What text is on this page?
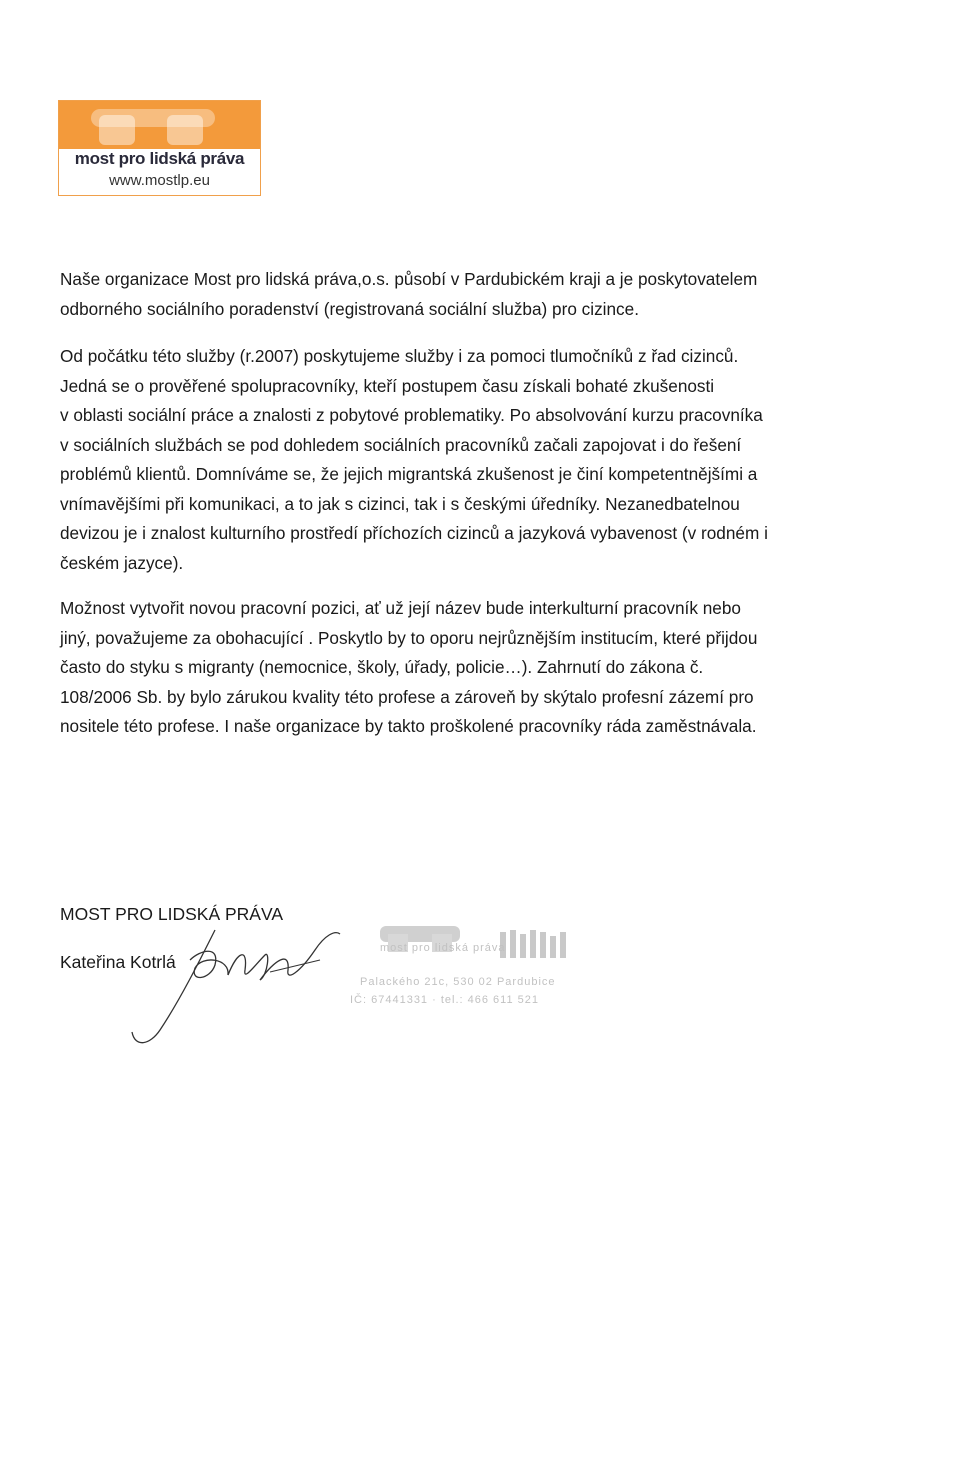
most pro lidská práva
www.mostlp.eu

Naše organizace Most pro lidská práva,o.s. působí v Pardubickém kraji a je poskytovatelem
odborného sociálního poradenství (registrovaná sociální služba) pro cizince.

Od počátku této služby (r.2007) poskytujeme služby i za pomoci tlumočníků z řad cizinců.
Jedná se o prověřené spolupracovníky, kteří postupem času získali bohaté zkušenosti
v oblasti sociální práce a znalosti z pobytové problematiky. Po absolvování kurzu pracovníka
v sociálních službách se pod dohledem sociálních pracovníků začali zapojovat i do řešení
problémů klientů. Domníváme se, že jejich migrantská zkušenost je činí kompetentnějšími a
vnímavějšími při komunikaci, a to jak s cizinci, tak i s českými úředníky. Nezanedbatelnou
devizou je i znalost kulturního prostředí příchozích cizinců a jazyková vybavenost (v rodném i
českém jazyce).

Možnost vytvořit novou pracovní pozici, ať už její název bude interkulturní pracovník nebo
jiný, považujeme za obohacující . Poskytlo by to oporu nejrůznějším institucím, které přijdou
často do styku s migranty (nemocnice, školy, úřady, policie…). Zahrnutí do zákona č.
108/2006 Sb. by bylo zárukou kvality této profese a zároveň by skýtalo profesní zázemí pro
nositele této profese. I naše organizace by takto proškolené pracovníky ráda zaměstnávala.

MOST PRO LIDSKÁ PRÁVA
Kateřina Kotrlá
most pro lidská práva
Palackého 21c, 530 02 Pardubice
IČ: 67441331 · tel.: 466 611 521
